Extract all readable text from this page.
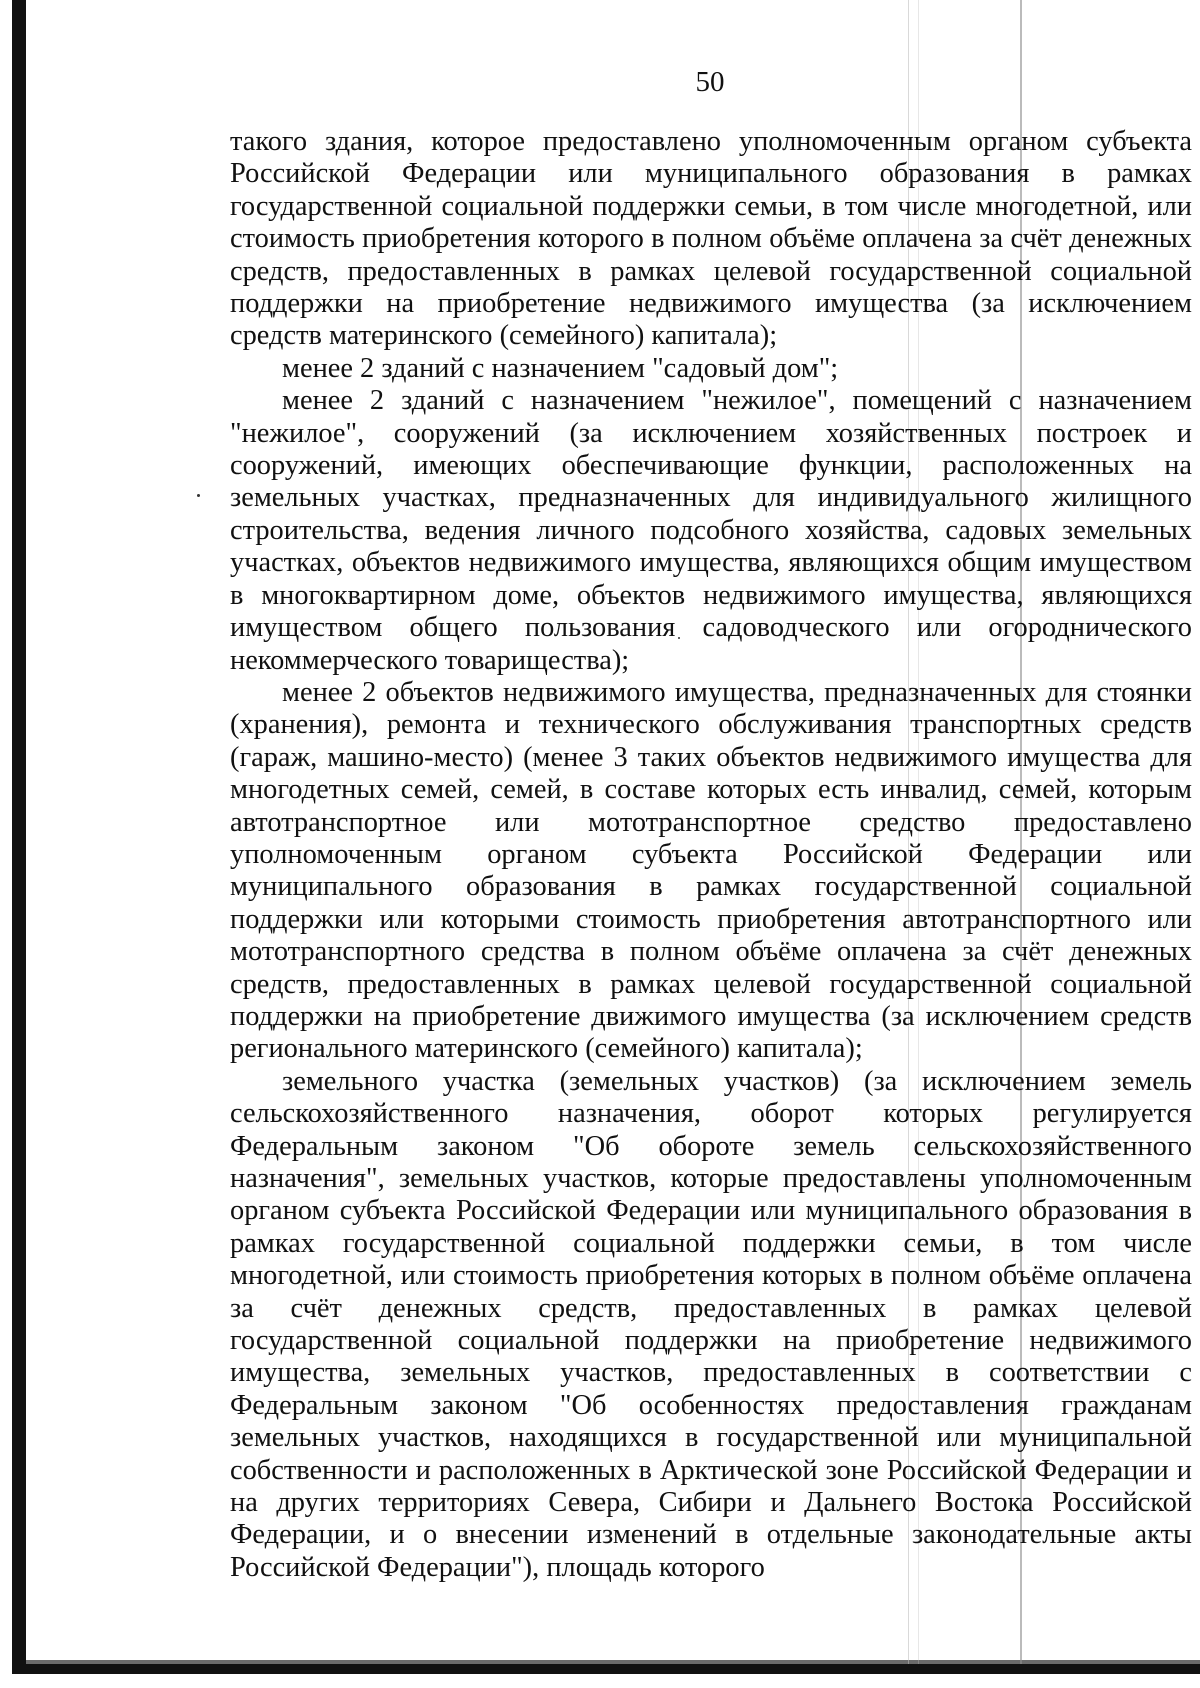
50

такого здания, которое предоставлено уполномоченным органом субъекта Российской Федерации или муниципального образования в рамках государственной социальной поддержки семьи, в том числе многодетной, или стоимость приобретения которого в полном объёме оплачена за счёт денежных средств, предоставленных в рамках целевой государственной социальной поддержки на приобретение недвижимого имущества (за исключением средств материнского (семейного) капитала);

менее 2 зданий с назначением "садовый дом";

менее 2 зданий с назначением "нежилое", помещений с назначением "нежилое", сооружений (за исключением хозяйственных построек и сооружений, имеющих обеспечивающие функции, расположенных на земельных участках, предназначенных для индивидуального жилищного строительства, ведения личного подсобного хозяйства, садовых земельных участках, объектов недвижимого имущества, являющихся общим имуществом в многоквартирном доме, объектов недвижимого имущества, являющихся имуществом общего пользования садоводческого или огороднического некоммерческого товарищества);

менее 2 объектов недвижимого имущества, предназначенных для стоянки (хранения), ремонта и технического обслуживания транспортных средств (гараж, машино-место) (менее 3 таких объектов недвижимого имущества для многодетных семей, семей, в составе которых есть инвалид, семей, которым автотранспортное или мототранспортное средство предоставлено уполномоченным органом субъекта Российской Федерации или муниципального образования в рамках государственной социальной поддержки или которыми стоимость приобретения автотранспортного или мототранспортного средства в полном объёме оплачена за счёт денежных средств, предоставленных в рамках целевой государственной социальной поддержки на приобретение движимого имущества (за исключением средств регионального материнского (семейного) капитала);

земельного участка (земельных участков) (за исключением земель сельскохозяйственного назначения, оборот которых регулируется Федеральным законом "Об обороте земель сельскохозяйственного назначения", земельных участков, которые предоставлены уполномоченным органом субъекта Российской Федерации или муниципального образования в рамках государственной социальной поддержки семьи, в том числе многодетной, или стоимость приобретения которых в полном объёме оплачена за счёт денежных средств, предоставленных в рамках целевой государственной социальной поддержки на приобретение недвижимого имущества, земельных участков, предоставленных в соответствии с Федеральным законом "Об особенностях предоставления гражданам земельных участков, находящихся в государственной или муниципальной собственности и расположенных в Арктической зоне Российской Федерации и на других территориях Севера, Сибири и Дальнего Востока Российской Федерации, и о внесении изменений в отдельные законодательные акты Российской Федерации"), площадь которого
